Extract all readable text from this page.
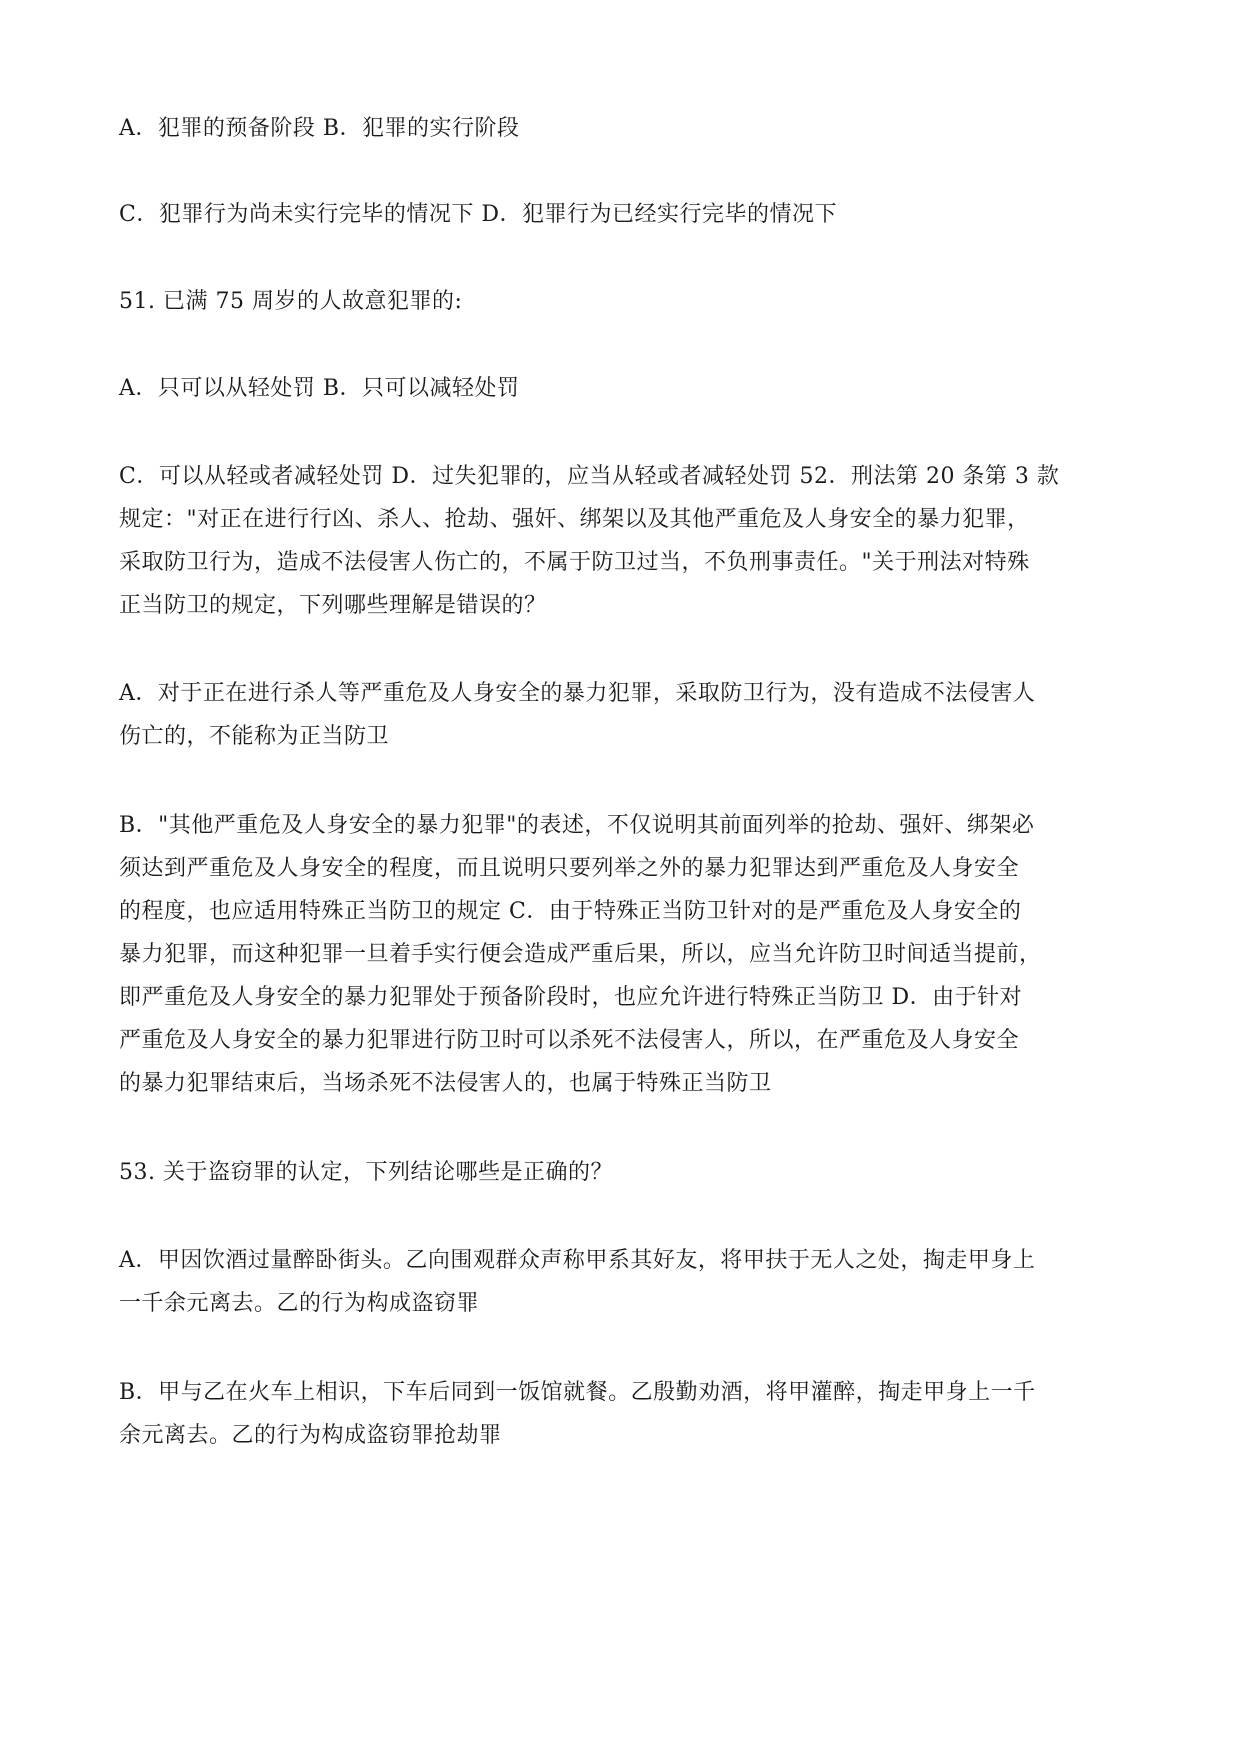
A．犯罪的预备阶段 B．犯罪的实行阶段

C．犯罪行为尚未实行完毕的情况下 D．犯罪行为已经实行完毕的情况下

51. 已满 75 周岁的人故意犯罪的:

A．只可以从轻处罚 B．只可以减轻处罚

C．可以从轻或者减轻处罚 D．过失犯罪的，应当从轻或者减轻处罚 52．刑法第 20 条第 3 款
规定："对正在进行行凶、杀人、抢劫、强奸、绑架以及其他严重危及人身安全的暴力犯罪，
采取防卫行为，造成不法侵害人伤亡的，不属于防卫过当，不负刑事责任。"关于刑法对特殊
正当防卫的规定，下列哪些理解是错误的？

A．对于正在进行杀人等严重危及人身安全的暴力犯罪，采取防卫行为，没有造成不法侵害人
伤亡的，不能称为正当防卫

B．"其他严重危及人身安全的暴力犯罪"的表述，不仅说明其前面列举的抢劫、强奸、绑架必
须达到严重危及人身安全的程度，而且说明只要列举之外的暴力犯罪达到严重危及人身安全
的程度，也应适用特殊正当防卫的规定 C．由于特殊正当防卫针对的是严重危及人身安全的
暴力犯罪，而这种犯罪一旦着手实行便会造成严重后果，所以，应当允许防卫时间适当提前，
即严重危及人身安全的暴力犯罪处于预备阶段时，也应允许进行特殊正当防卫 D．由于针对
严重危及人身安全的暴力犯罪进行防卫时可以杀死不法侵害人，所以，在严重危及人身安全
的暴力犯罪结束后，当场杀死不法侵害人的，也属于特殊正当防卫

53. 关于盗窃罪的认定，下列结论哪些是正确的？

A．甲因饮酒过量醉卧街头。乙向围观群众声称甲系其好友，将甲扶于无人之处，掏走甲身上
一千余元离去。乙的行为构成盗窃罪

B．甲与乙在火车上相识，下车后同到一饭馆就餐。乙殷勤劝酒，将甲灌醉，掏走甲身上一千
余元离去。乙的行为构成盗窃罪抢劫罪
